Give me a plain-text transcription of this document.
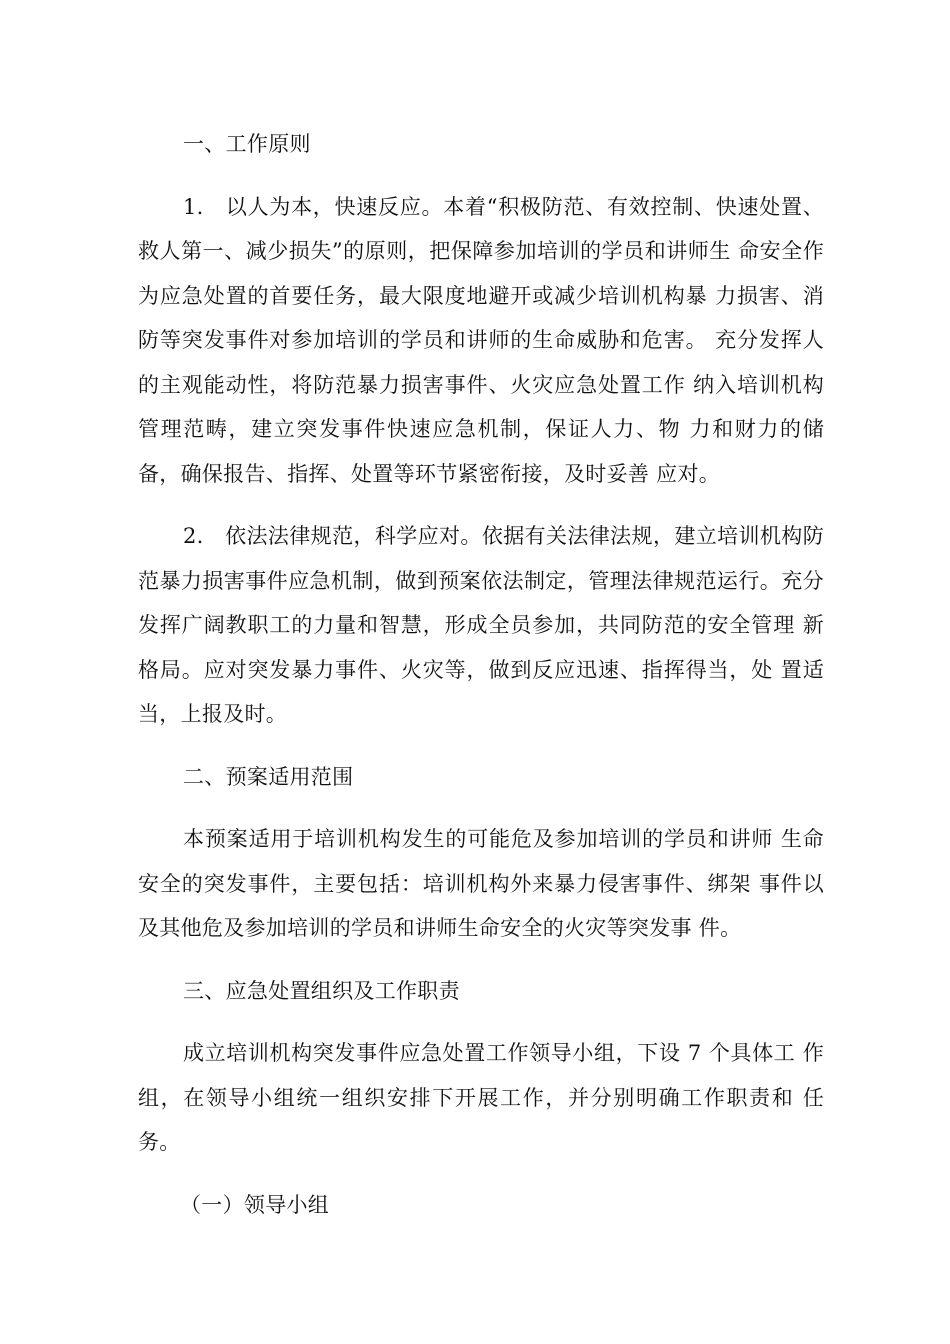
一、工作原则

1.　以人为本，快速反应。本着“积极防范、有效控制、快速处置、救人第一、减少损失”的原则，把保障参加培训的学员和讲师生 命安全作为应急处置的首要任务，最大限度地避开或减少培训机构暴 力损害、消防等突发事件对参加培训的学员和讲师的生命威胁和危害。 充分发挥人的主观能动性，将防范暴力损害事件、火灾应急处置工作 纳入培训机构管理范畴，建立突发事件快速应急机制，保证人力、物 力和财力的储备，确保报告、指挥、处置等环节紧密衔接，及时妥善 应对。

2.　依法法律规范，科学应对。依据有关法律法规，建立培训机构防范暴力损害事件应急机制，做到预案依法制定，管理法律规范运行。充分发挥广阔教职工的力量和智慧，形成全员参加，共同防范的安全管理 新格局。应对突发暴力事件、火灾等，做到反应迅速、指挥得当，处 置适当，上报及时。

二、预案适用范围

本预案适用于培训机构发生的可能危及参加培训的学员和讲师 生命安全的突发事件，主要包括：培训机构外来暴力侵害事件、绑架 事件以及其他危及参加培训的学员和讲师生命安全的火灾等突发事 件。

三、应急处置组织及工作职责

成立培训机构突发事件应急处置工作领导小组，下设 7 个具体工 作组，在领导小组统一组织安排下开展工作，并分别明确工作职责和 任务。

（一）领导小组
